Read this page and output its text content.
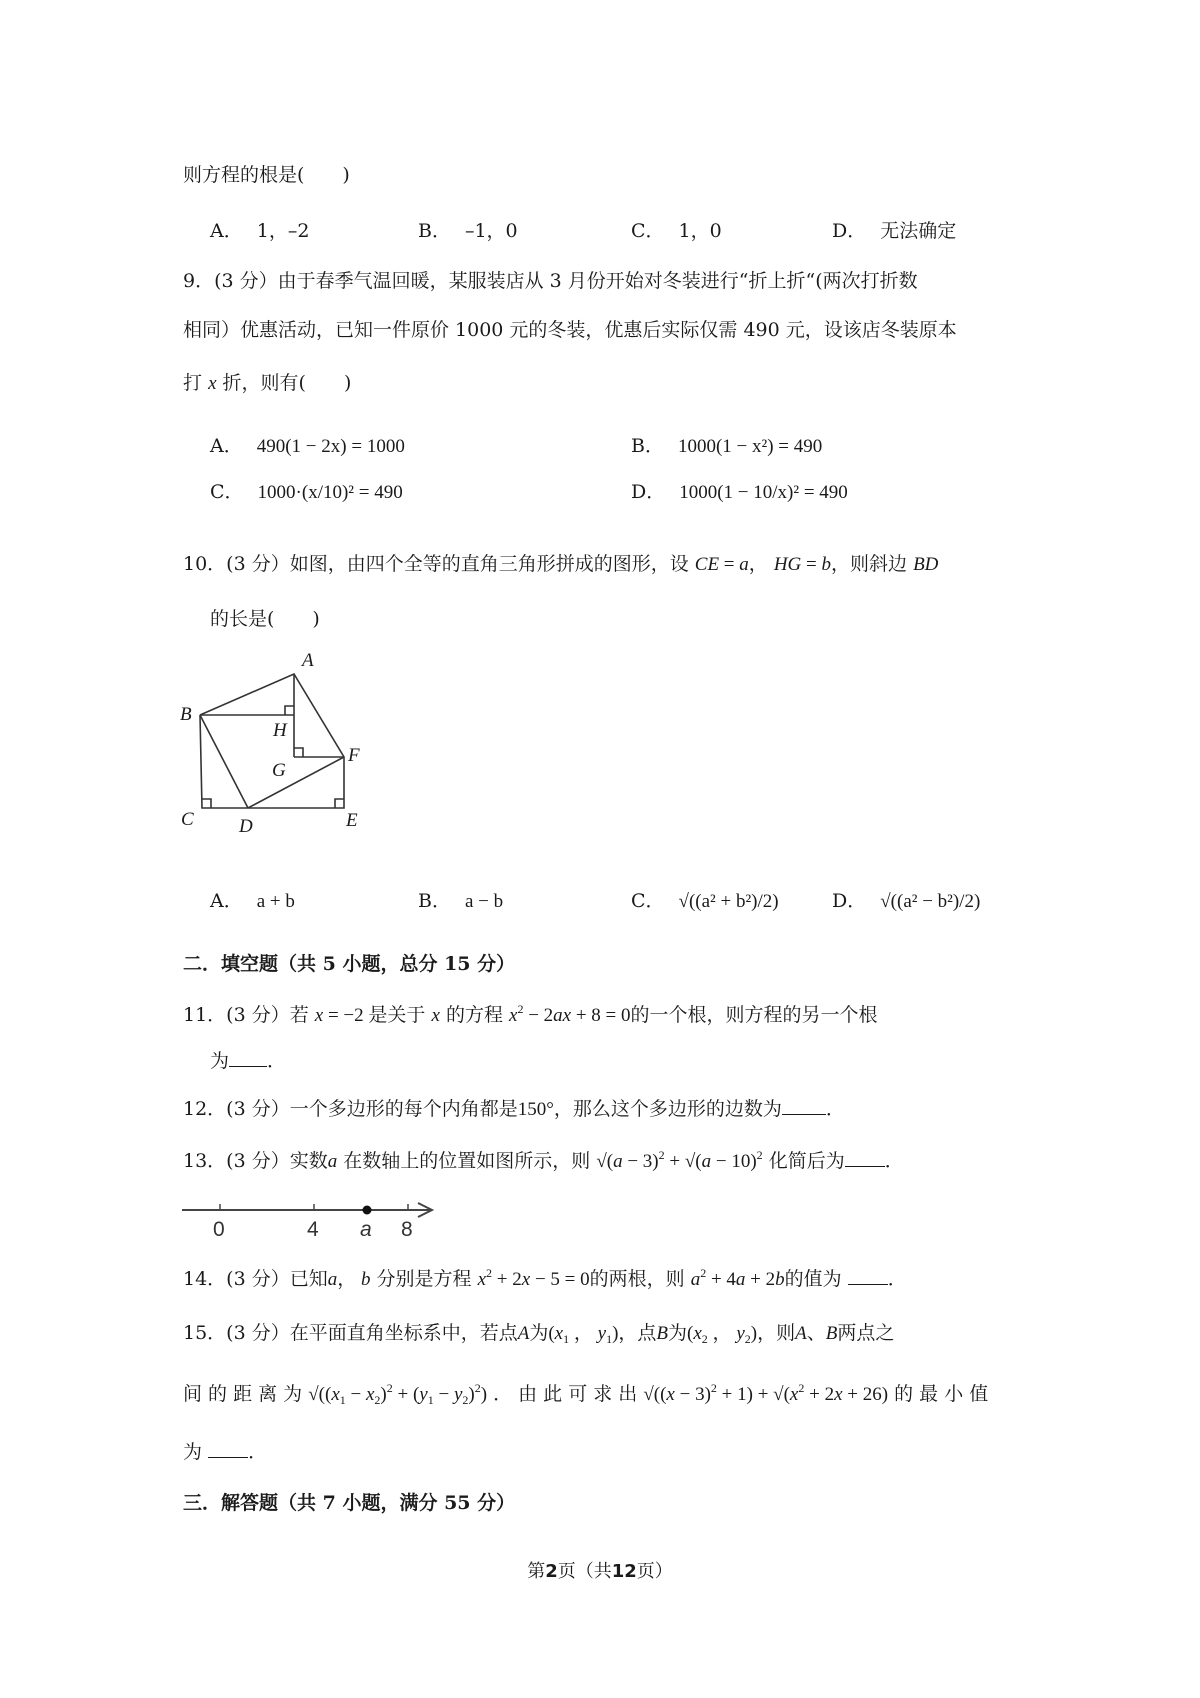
则方程的根是(　　)
A． 1，–2	B． –1，0	C． 1，0	D． 无法确定
9．(3 分）由于春季气温回暖，某服装店从 3 月份开始对冬装进行“折上折“(两次打折数
相同）优惠活动，已知一件原价 1000 元的冬装，优惠后实际仅需 490 元，设该店冬装原本
打 x 折，则有(　　)
A． 490(1 − 2x) = 1000	B． 1000(1 − x²) = 490
C． 1000·(x/10)² = 490	D． 1000(1 − 10/x)² = 490
10．(3 分）如图，由四个全等的直角三角形拼成的图形，设 CE = a， HG = b，则斜边 BD
的长是(　　)
A
B
H
G
F
C D	E
A． a + b	B． a − b	C． √((a² + b²)/2)	D． √((a² − b²)/2)
二．填空题（共 5 小题，总分 15 分）
11．(3 分）若 x = −2 是关于 x 的方程 $x^2 - 2ax + 8 = 0$的一个根，则方程的另一个根
为 ．
12．(3 分）一个多边形的每个内角都是150°，那么这个多边形的边数为 ．
13．(3 分）实数a 在数轴上的位置如图所示，则 $√(a - 3)^2 + √(a - 10)^2$ 化简后为 ．
0	4 a 8
14．(3 分）已知a， b 分别是方程 $x^2 + 2x - 5 = 0$的两根，则 $a^2 + 4a + 2b$的值为 ．
15．(3 分）在平面直角坐标系中，若点A为($x_1$ ， $y_1$)，点B为($x_2$ ， $y_2$)，则A、B两点之
间 的 距 离 为 $√((x_1 - x_2)^2 + (y_1 - y_2)^2)$ ． 由 此 可 求 出 $√((x - 3)^2 + 1) + √(x^2 + 2x + 26)$ 的 最 小 值
为 ．
三．解答题（共 7 小题，满分 55 分）
第2页（共12页）
